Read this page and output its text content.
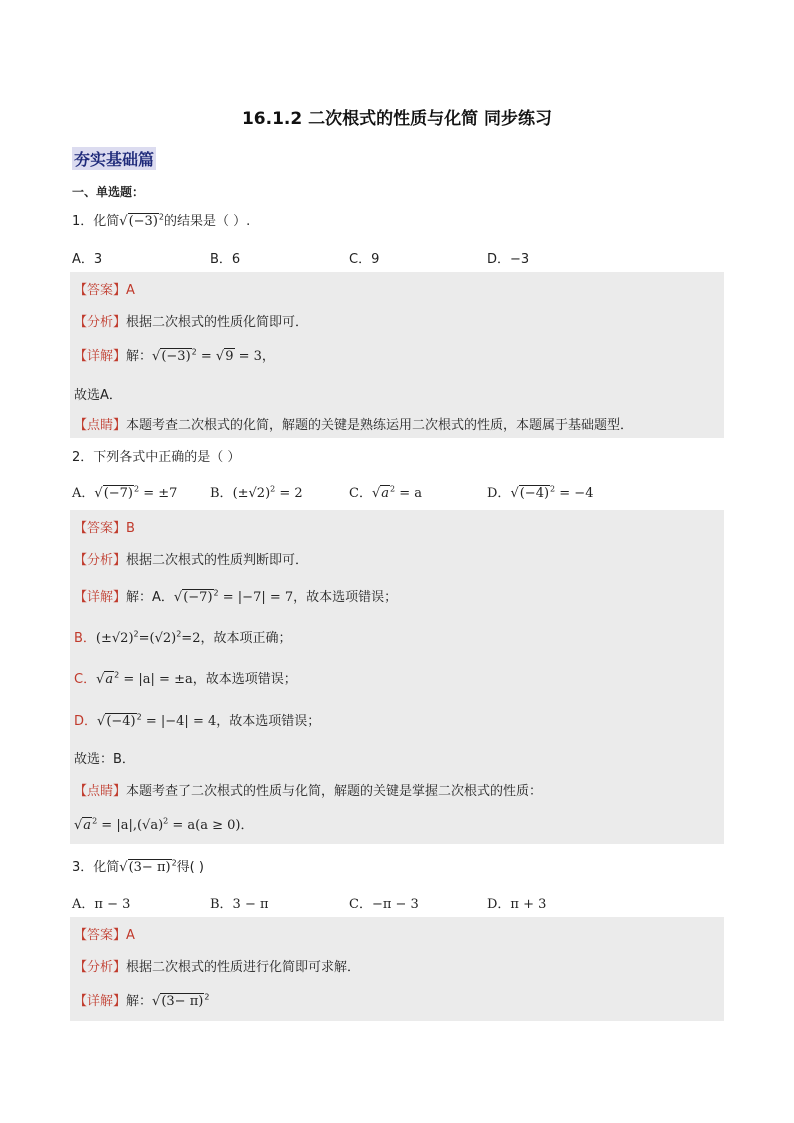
16.1.2 二次根式的性质与化简 同步练习
夯实基础篇
一、单选题：
1．化简$√(-3)^2$的结果是（ ）.
A．3	B．6	C．9	D．−3
【答案】A
【分析】根据二次根式的性质化简即可．
【详解】解：$√(-3)^2 = √9 = 3$，
故选A．
【点睛】本题考查二次根式的化简，解题的关键是熟练运用二次根式的性质，本题属于基础题型．
2．下列各式中正确的是（ ）
A．$√(-7)^2 = \pm 7$	B．$(\pm√2)^2 = 2$	C．$√a^2 = a$	D．$√(-4)^2 = -4$
【答案】B
【分析】根据二次根式的性质判断即可．
【详解】解：A．$√(-7)^2 = |-7| = 7$，故本选项错误；
B．$(\pm√2)^2=(√2)^2=2$，故本项正确；
C．$√a^2 = |a| = \pm a$，故本选项错误；
D．$√(-4)^2 = |-4| = 4$，故本选项错误；
故选：B．
【点睛】本题考查了二次根式的性质与化简，解题的关键是掌握二次根式的性质：
$√a^2 = |a|,(√a)^2 = a(a \ge 0)$．
3．化简$√(3- \pi)^2$得( )
A．π − 3	B．3 − π	C．−π − 3	D．π + 3
【答案】A
【分析】根据二次根式的性质进行化简即可求解．
【详解】解：$√(3- \pi)^2$
